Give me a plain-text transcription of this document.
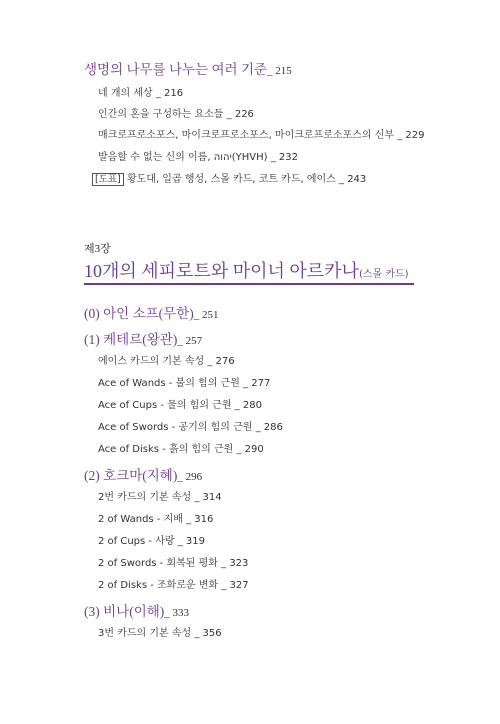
생명의 나무를 나누는 여러 기준_ 215
네 개의 세상 _ 216
인간의 혼을 구성하는 요소들 _ 226
매크로프로소포스, 마이크로프로소포스, 마이크로프로소포스의 신부 _ 229
발음할 수 없는 신의 이름, יהוה(YHVH) _ 232
[도표] 황도대, 일곱 행성, 스몰 카드, 코트 카드, 에이스 _ 243
제3장
10개의 세피로트와 마이너 아르카나(스몰 카드)
(0) 아인 소프(무한)_ 251
(1) 케테르(왕관)_ 257
에이스 카드의 기본 속성 _ 276
Ace of Wands - 불의 힘의 근원 _ 277
Ace of Cups - 물의 힘의 근원 _ 280
Ace of Swords - 공기의 힘의 근원 _ 286
Ace of Disks - 흙의 힘의 근원 _ 290
(2) 호크마(지혜)_ 296
2번 카드의 기본 속성 _ 314
2 of Wands - 지배 _ 316
2 of Cups - 사랑 _ 319
2 of Swords - 회복된 평화 _ 323
2 of Disks - 조화로운 변화 _ 327
(3) 비나(이해)_ 333
3번 카드의 기본 속성 _ 356
